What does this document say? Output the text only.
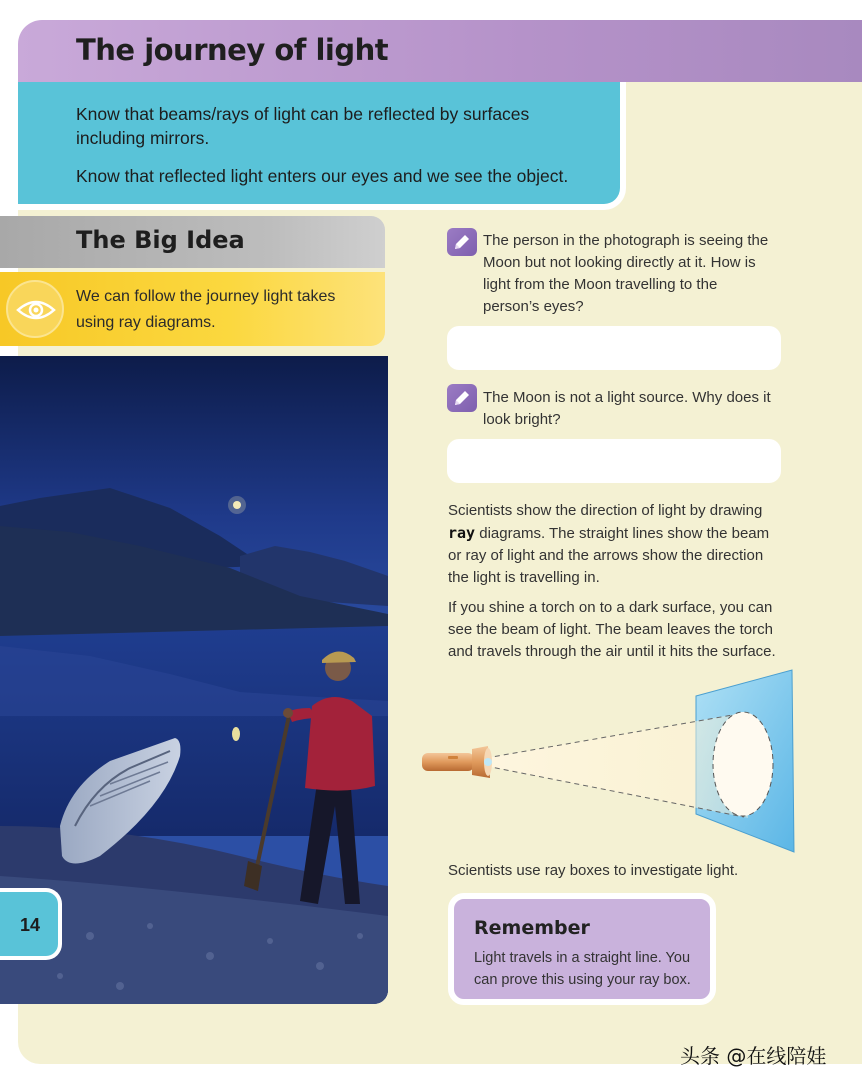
The journey of light

Know that beams/rays of light can be reflected by surfaces including mirrors.

Know that reflected light enters our eyes and we see the object.

The Big Idea

We can follow the journey light takes using ray diagrams.

14

The person in the photograph is seeing the Moon but not looking directly at it. How is light from the Moon travelling to the person’s eyes?

The Moon is not a light source. Why does it look bright?

Scientists show the direction of light by drawing ray diagrams. The straight lines show the beam or ray of light and the arrows show the direction the light is travelling in.

If you shine a torch on to a dark surface, you can see the beam of light. The beam leaves the torch and travels through the air until it hits the surface.

Scientists use ray boxes to investigate light.

Remember

Light travels in a straight line. You can prove this using your ray box.

头条 @在线陪娃
